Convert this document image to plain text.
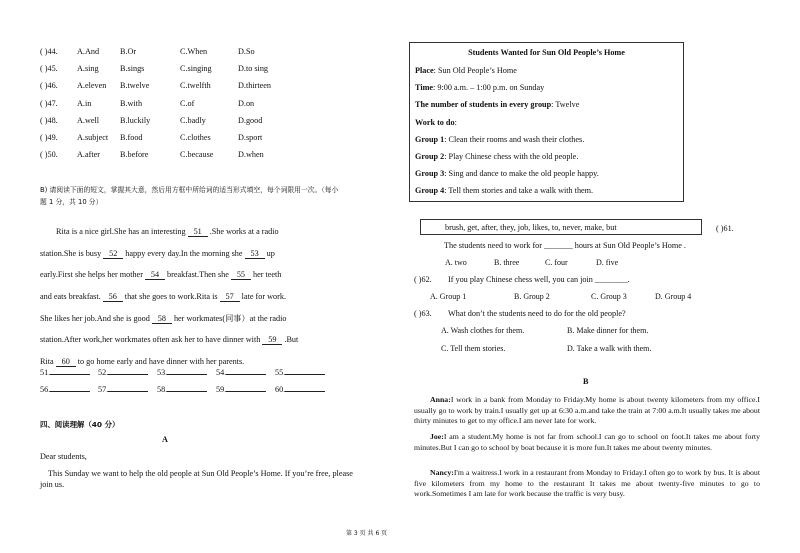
( )44. A.And	B.Or	C.When	D.So
( )45. A.sing	B.sings	C.singing	D.to sing
( )46. A.eleven B.twelve	C.twelfth	D.thirteen
( )47. A.in	B.with	C.of	D.on
( )48. A.well	B.luckily	C.badly	D.good
( )49. A.subject B.food	C.clothes	D.sport
( )50. A.after B.before	C.because	D.when
B) 请阅读下面的短文，掌握其大意，然后用方框中所给词的适当形式填空，每个词限用一次。（每小
题 1 分，共 10 分）
Rita is a nice girl.She has an interesting 51 .She works at a radio
station.She is busy 52 happy every day.In the morning she 53 up
early.First she helps her mother 54 breakfast.Then she 55 her teeth
and eats breakfast. 56 that she goes to work.Rita is 57 late for work.
She likes her job.And she is good 58 her workmates(同事）at the radio
station.After work,her workmates often ask her to have dinner with 59 .But
Rita 60 to go home early and have dinner with her parents.
51.	52.	53.	54.	55.
56.	57.	58.	59.	60.
四、阅读理解（40 分）
A
Dear students,
This Sunday we want to help the old people at Sun Old People’s Home. If you’re free, please
join us.
第 3 页 共 6 页
Students Wanted for Sun Old People’s Home
Place: Sun Old People’s Home
Time: 9:00 a.m. – 1:00 p.m. on Sunday
The number of students in every group: Twelve
Work to do:
Group 1: Clean their rooms and wash their clothes.
Group 2: Play Chinese chess with the old people.
Group 3: Sing and dance to make the old people happy.
Group 4: Tell them stories and take a walk with them.
brush, get, after, they, job, likes, to, never, make, but	( )61.
The students need to work for _______ hours at Sun Old People’s Home .
A. two	B. three	C. four	D. five
( )62. If you play Chinese chess well, you can join ________.
A. Group 1	B. Group 2	C. Group 3	D. Group 4
( )63. What don’t the students need to do for the old people?
A. Wash clothes for them.	B. Make dinner for them.
C. Tell them stories.	D. Take a walk with them.
B
Anna:I work in a bank from Monday to Friday.My home is about twenty kilometers from my office.I usually go to work by train.I usually get up at 6:30 a.m.and take the train at 7:00 a.m.It usually takes me about thirty minutes to get to my office.I am never late for work.
Joe:I am a student.My home is not far from school.I can go to school on foot.It takes me about forty minutes.But I can go to school by boat because it is more fun.It takes me about twenty minutes.
Nancy:I'm a waitress.I work in a restaurant from Monday to Friday.I often go to work by bus. It is about five kilometers from my home to the restaurant It takes me about twenty-five minutes to go to work.Sometimes I am late for work because the traffic is very busy.
